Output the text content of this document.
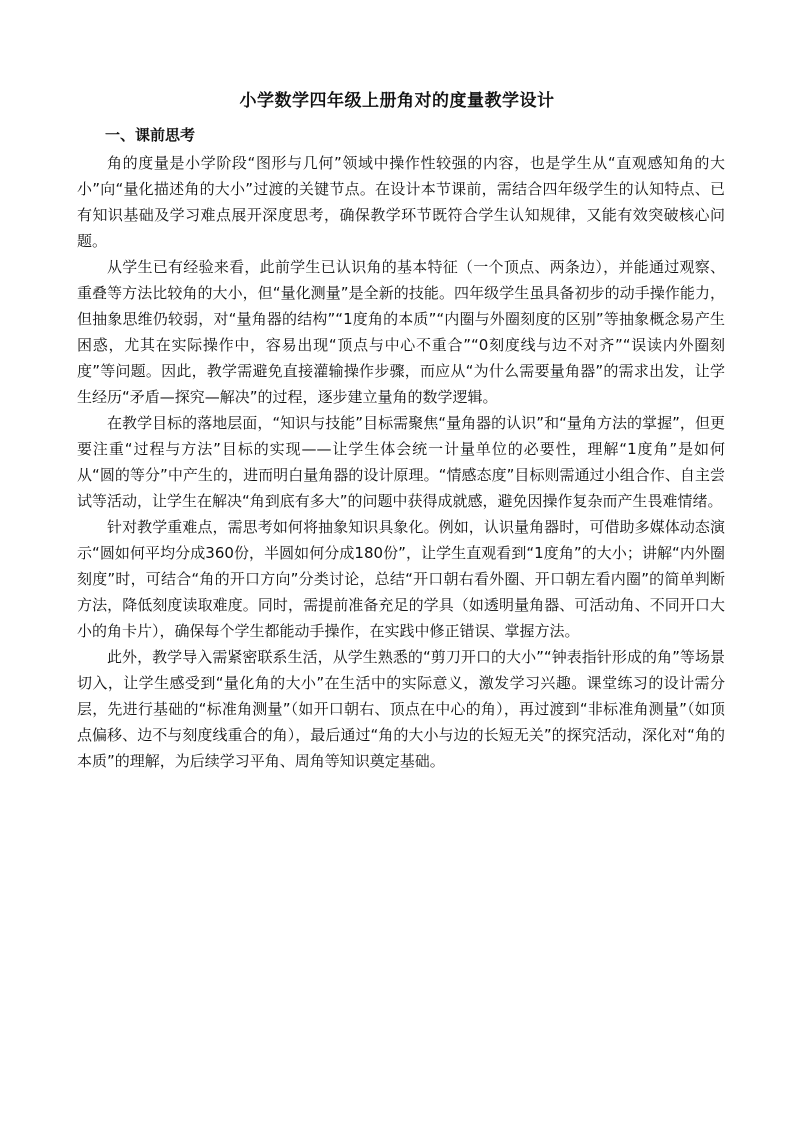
小学数学四年级上册角对的度量教学设计
一、课前思考

角的度量是小学阶段“图形与几何”领域中操作性较强的内容，也是学生从“直观感知角的大小”向“量化描述角的大小”过渡的关键节点。在设计本节课前，需结合四年级学生的认知特点、已有知识基础及学习难点展开深度思考，确保教学环节既符合学生认知规律，又能有效突破核心问题。

从学生已有经验来看，此前学生已认识角的基本特征（一个顶点、两条边），并能通过观察、重叠等方法比较角的大小，但“量化测量”是全新的技能。四年级学生虽具备初步的动手操作能力，但抽象思维仍较弱，对“量角器的结构”“1度角的本质”“内圈与外圈刻度的区别”等抽象概念易产生困惑，尤其在实际操作中，容易出现“顶点与中心不重合”“0刻度线与边不对齐”“误读内外圈刻度”等问题。因此，教学需避免直接灌输操作步骤，而应从“为什么需要量角器”的需求出发，让学生经历“矛盾—探究—解决”的过程，逐步建立量角的数学逻辑。

在教学目标的落地层面，“知识与技能”目标需聚焦“量角器的认识”和“量角方法的掌握”，但更要注重“过程与方法”目标的实现——让学生体会统一计量单位的必要性，理解“1度角”是如何从“圆的等分”中产生的，进而明白量角器的设计原理。“情感态度”目标则需通过小组合作、自主尝试等活动，让学生在解决“角到底有多大”的问题中获得成就感，避免因操作复杂而产生畏难情绪。

针对教学重难点，需思考如何将抽象知识具象化。例如，认识量角器时，可借助多媒体动态演示“圆如何平均分成360份，半圆如何分成180份”，让学生直观看到“1度角”的大小；讲解“内外圈刻度”时，可结合“角的开口方向”分类讨论，总结“开口朝右看外圈、开口朝左看内圈”的简单判断方法，降低刻度读取难度。同时，需提前准备充足的学具（如透明量角器、可活动角、不同开口大小的角卡片），确保每个学生都能动手操作，在实践中修正错误、掌握方法。

此外，教学导入需紧密联系生活，从学生熟悉的“剪刀开口的大小”“钟表指针形成的角”等场景切入，让学生感受到“量化角的大小”在生活中的实际意义，激发学习兴趣。课堂练习的设计需分层，先进行基础的“标准角测量”（如开口朝右、顶点在中心的角），再过渡到“非标准角测量”（如顶点偏移、边不与刻度线重合的角），最后通过“角的大小与边的长短无关”的探究活动，深化对“角的本质”的理解，为后续学习平角、周角等知识奠定基础。
